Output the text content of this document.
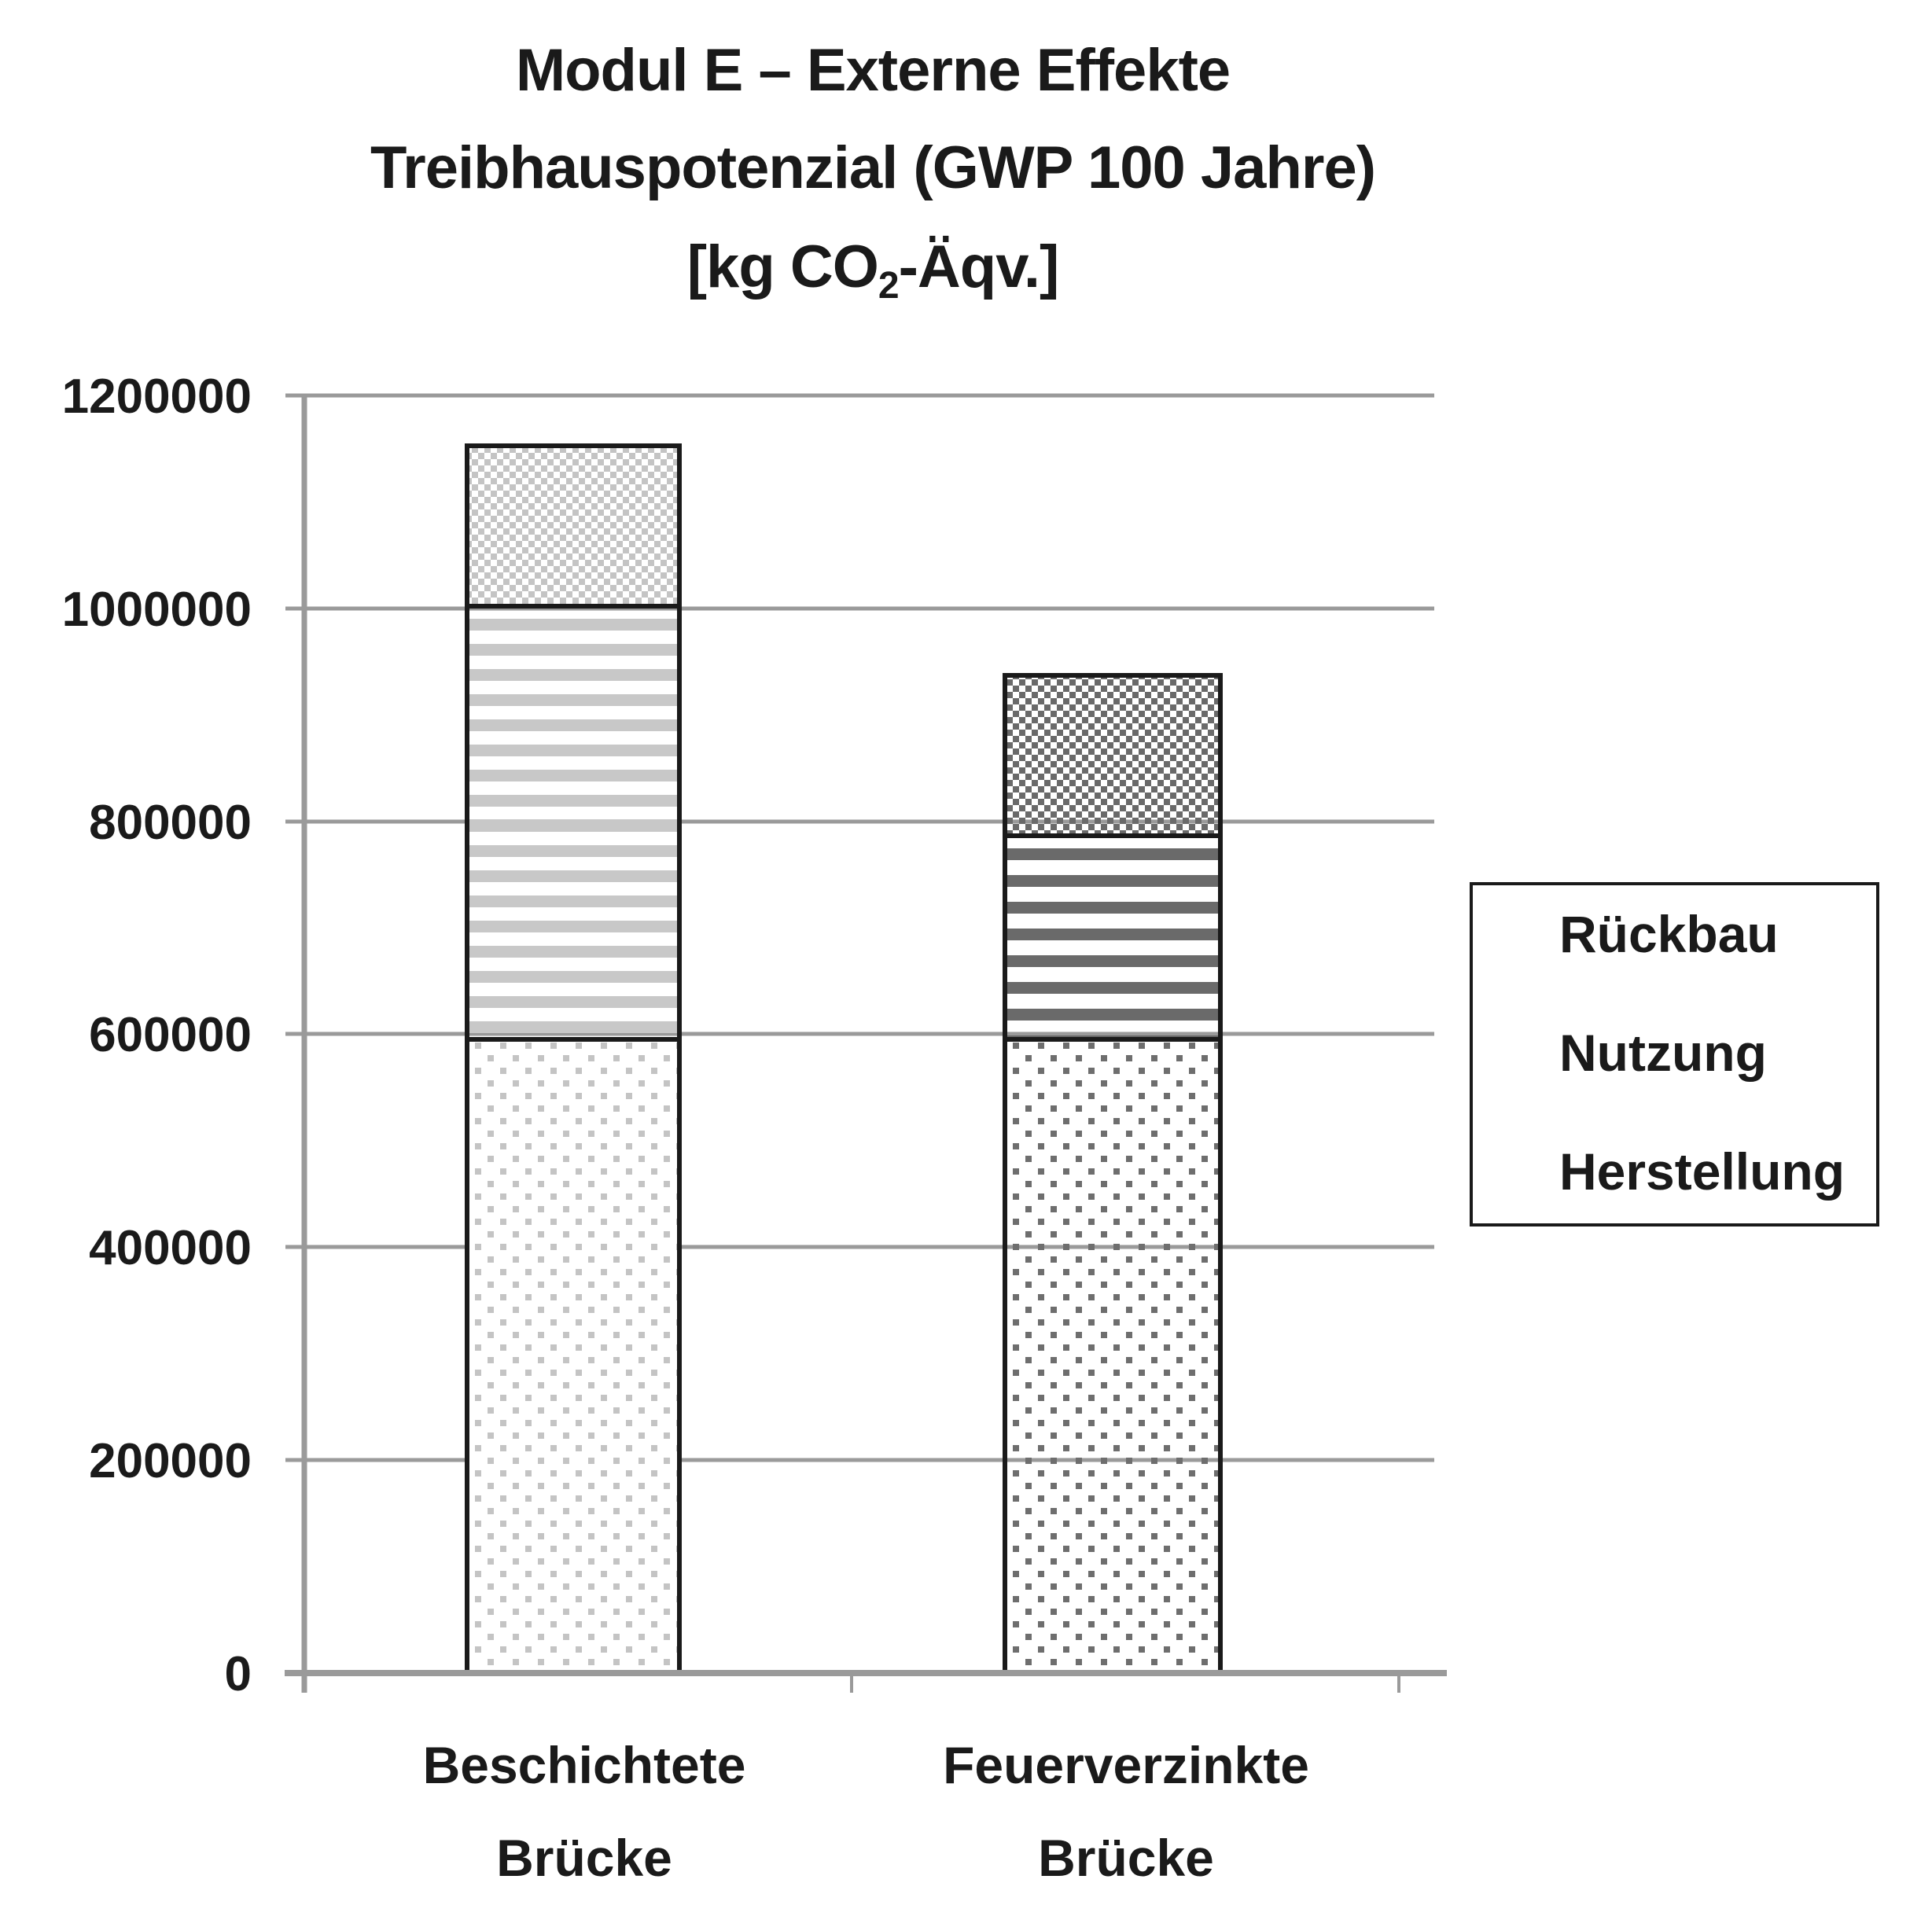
Modul E – Externe Effekte
Treibhauspotenzial (GWP 100 Jahre)
[kg $CO_2-Äqv$.]
1200000
1000000
800000
600000
400000
200000
0
Beschichtete
Brücke
Feuerverzinkte
Brücke
Rückbau
Nutzung
Herstellung
